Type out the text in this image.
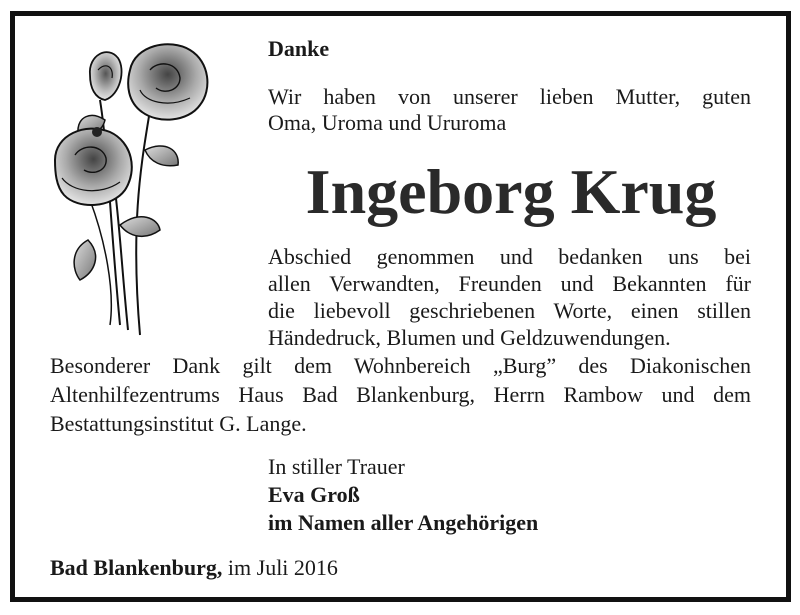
Danke
Wir haben von unserer lieben Mutter, guten
Oma, Uroma und Ururoma
Ingeborg Krug
Abschied genommen und bedanken uns bei
allen Verwandten, Freunden und Bekannten für
die liebevoll geschriebenen Worte, einen stillen
Händedruck, Blumen und Geldzuwendungen.
Besonderer Dank gilt dem Wohnbereich „Burg” des Diakonischen
Altenhilfezentrums Haus Bad Blankenburg, Herrn Rambow und dem
Bestattungsinstitut G. Lange.
In stiller Trauer
Eva Groß
im Namen aller Angehörigen
Bad Blankenburg, im Juli 2016
